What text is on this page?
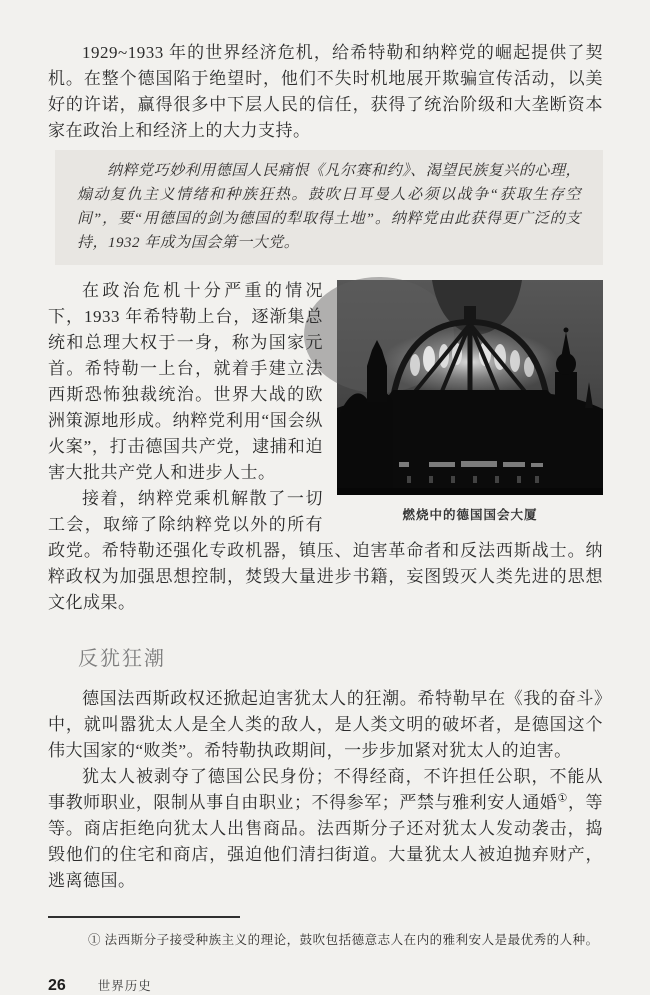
1929~1933 年的世界经济危机，给希特勒和纳粹党的崛起提供了契机。在整个德国陷于绝望时，他们不失时机地展开欺骗宣传活动，以美好的许诺，赢得很多中下层人民的信任，获得了统治阶级和大垄断资本家在政治上和经济上的大力支持。

纳粹党巧妙利用德国人民痛恨《凡尔赛和约》、渴望民族复兴的心理，煽动复仇主义情绪和种族狂热。鼓吹日耳曼人必须以战争“获取生存空间”，要“用德国的剑为德国的犁取得土地”。纳粹党由此获得更广泛的支持，1932 年成为国会第一大党。

燃烧中的德国国会大厦

在政治危机十分严重的情况下，1933 年希特勒上台，逐渐集总统和总理大权于一身，称为国家元首。希特勒一上台，就着手建立法西斯恐怖独裁统治。世界大战的欧洲策源地形成。纳粹党利用“国会纵火案”，打击德国共产党，逮捕和迫害大批共产党人和进步人士。

接着，纳粹党乘机解散了一切工会，取缔了除纳粹党以外的所有政党。希特勒还强化专政机器，镇压、迫害革命者和反法西斯战士。纳粹政权为加强思想控制，焚毁大量进步书籍，妄图毁灭人类先进的思想文化成果。

反犹狂潮

德国法西斯政权还掀起迫害犹太人的狂潮。希特勒早在《我的奋斗》中，就叫嚣犹太人是全人类的敌人，是人类文明的破坏者，是德国这个伟大国家的“败类”。希特勒执政期间，一步步加紧对犹太人的迫害。

犹太人被剥夺了德国公民身份；不得经商，不许担任公职，不能从事教师职业，限制从事自由职业；不得参军；严禁与雅利安人通婚①，等等。商店拒绝向犹太人出售商品。法西斯分子还对犹太人发动袭击，捣毁他们的住宅和商店，强迫他们清扫街道。大量犹太人被迫抛弃财产，逃离德国。

① 法西斯分子接受种族主义的理论，鼓吹包括德意志人在内的雅利安人是最优秀的人种。

26	世界历史
